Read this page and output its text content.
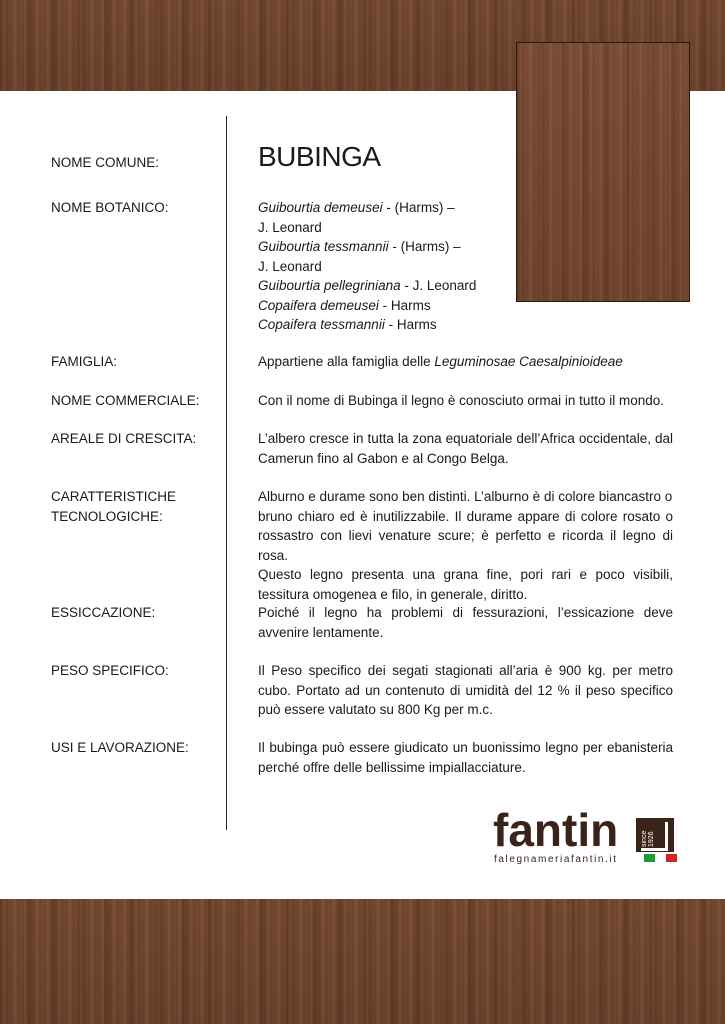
NOME COMUNE:
NOME BOTANICO:
FAMIGLIA:
NOME COMMERCIALE:
AREALE DI CRESCITA:
CARATTERISTICHE TECNOLOGICHE:
ESSICCAZIONE:
PESO SPECIFICO:
USI E LAVORAZIONE:
BUBINGA
Guibourtia demeusei - (Harms) –
J. Leonard
Guibourtia tessmannii - (Harms) –
J. Leonard
Guibourtia pellegriniana - J. Leonard
Copaifera demeusei - Harms
Copaifera tessmannii - Harms
Appartiene alla famiglia delle Leguminosae Caesalpinioideae
Con il nome di Bubinga il legno è conosciuto ormai in tutto il mondo.
L’albero cresce in tutta la zona equatoriale dell’Africa occidentale, dal Camerun fino al Gabon e al Congo Belga.
Alburno e durame sono ben distinti. L’alburno è di colore biancastro o
bruno chiaro ed è inutilizzabile. Il durame appare di colore rosato o rossastro con lievi venature scure; è perfetto e ricorda il legno di rosa.
Questo legno presenta una grana fine, pori rari e poco visibili, tessitura omogenea e filo, in generale, diritto.
Poiché il legno ha problemi di fessurazioni, l’essicazione deve avvenire lentamente.
Il Peso specifico dei segati stagionati all’aria è 900 kg. per metro cubo. Portato ad un contenuto di umidità del 12 % il peso specifico può essere valutato su 800 Kg per m.c.
Il bubinga può essere giudicato un buonissimo legno per ebanisteria perché offre delle bellissime impiallacciature.
fantin	since 1926
falegnameriafantin.it
